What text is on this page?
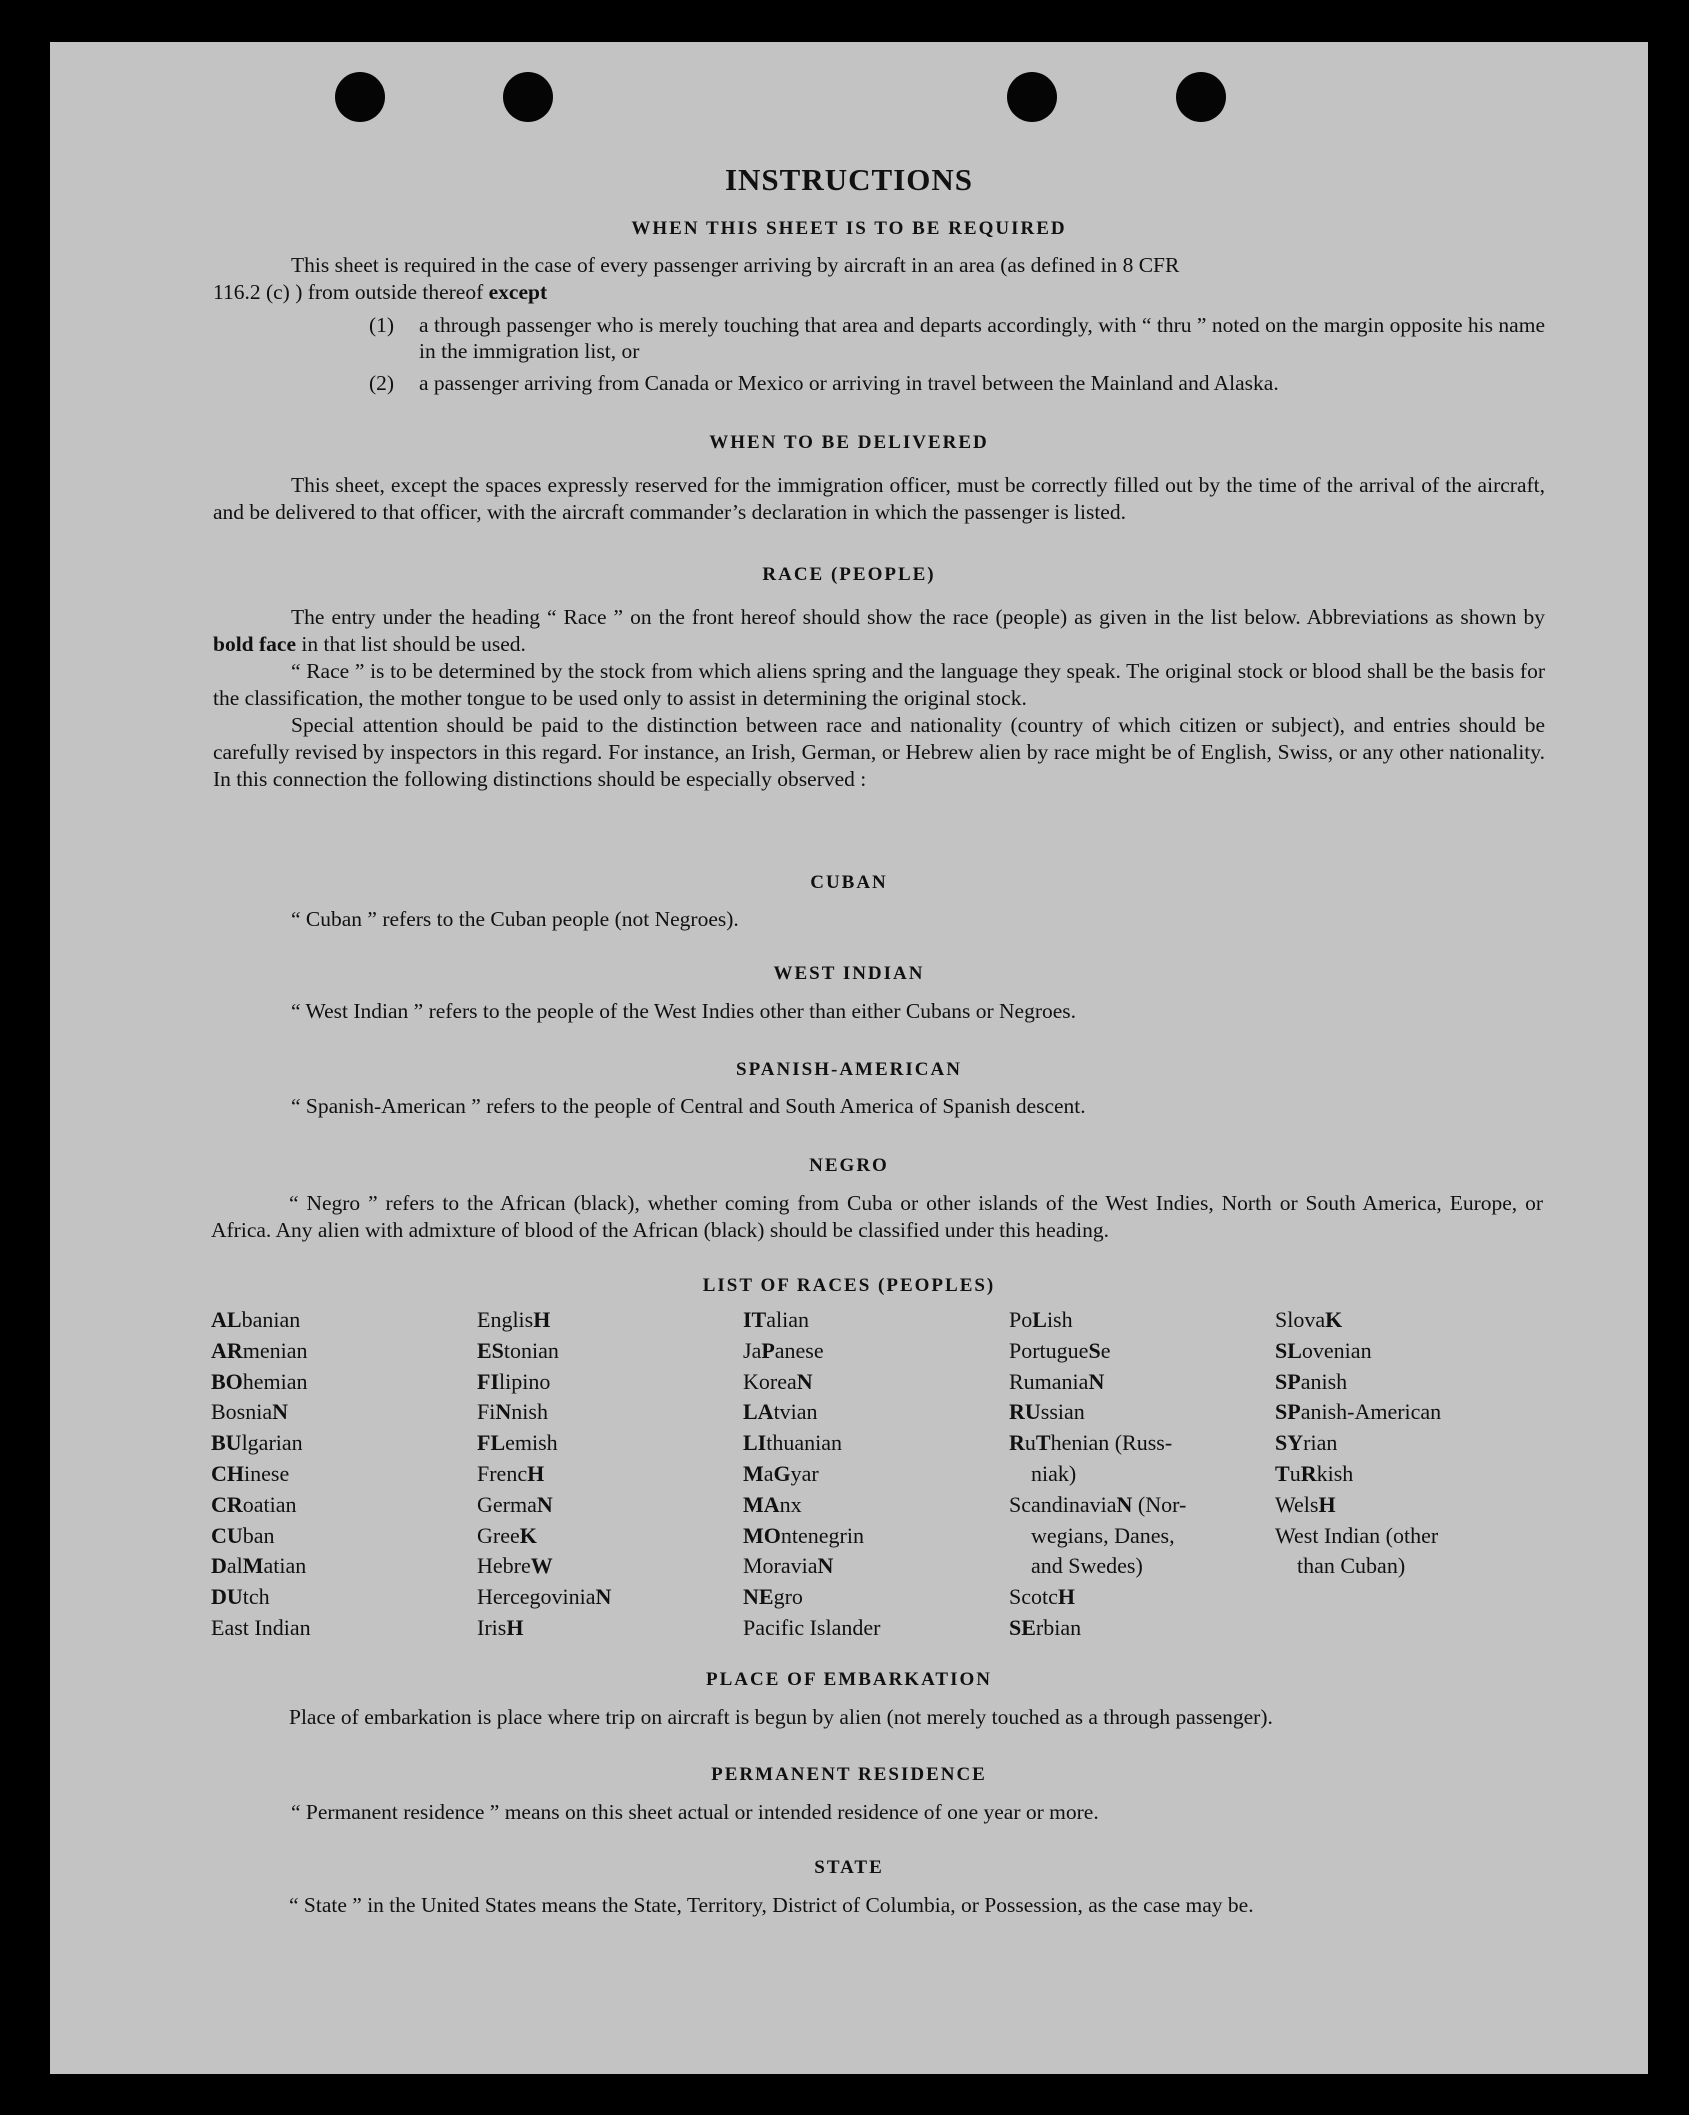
INSTRUCTIONS
WHEN THIS SHEET IS TO BE REQUIRED

This sheet is required in the case of every passenger arriving by aircraft in an area (as defined in 8 CFR

116.2 (c) ) from outside thereof except

(1) a through passenger who is merely touching that area and departs accordingly, with “ thru ” noted on the margin opposite his name in the immigration list, or
(2) a passenger arriving from Canada or Mexico or arriving in travel between the Mainland and Alaska.
WHEN TO BE DELIVERED

This sheet, except the spaces expressly reserved for the immigration officer, must be correctly filled out by the time of the arrival of the aircraft, and be delivered to that officer, with the aircraft commander’s declaration in which the passenger is listed.

RACE (PEOPLE)

The entry under the heading “ Race ” on the front hereof should show the race (people) as given in the list below. Abbreviations as shown by bold face in that list should be used.

“ Race ” is to be determined by the stock from which aliens spring and the language they speak. The original stock or blood shall be the basis for the classification, the mother tongue to be used only to assist in determining the original stock.

Special attention should be paid to the distinction between race and nationality (country of which citizen or subject), and entries should be carefully revised by inspectors in this regard. For instance, an Irish, German, or Hebrew alien by race might be of English, Swiss, or any other nationality. In this connection the following distinctions should be especially observed :

CUBAN

“ Cuban ” refers to the Cuban people (not Negroes).

WEST INDIAN

“ West Indian ” refers to the people of the West Indies other than either Cubans or Negroes.

SPANISH-AMERICAN

“ Spanish-American ” refers to the people of Central and South America of Spanish descent.

NEGRO

“ Negro ” refers to the African (black), whether coming from Cuba or other islands of the West Indies, North or South America, Europe, or Africa. Any alien with admixture of blood of the African (black) should be classified under this heading.

LIST OF RACES (PEOPLES)
ALbanian
ARmenian
BOhemian
BosniaN
BUlgarian
CHinese
CRoatian
CUban
DalMatian
DUtch
East Indian
EnglisH
EStonian
FIlipino
FiNnish
FLemish
FrencH
GermaN
GreeK
HebreW
HercegoviniaN
IrisH
ITalian
JaPanese
KoreaN
LAtvian
LIthuanian
MaGyar
MAnx
MOntenegrin
MoraviaN
NEgro
Pacific Islander
PoLish
PortugueSe
RumaniaN
RUssian
RuThenian (Russ-
niak)
ScandinaviaN (Nor-
wegians, Danes,
and Swedes)
ScotcH
SErbian
SlovaK
SLovenian
SPanish
SPanish-American
SYrian
TuRkish
WelsH
West Indian (other
than Cuban)
PLACE OF EMBARKATION

Place of embarkation is place where trip on aircraft is begun by alien (not merely touched as a through passenger).

PERMANENT RESIDENCE

“ Permanent residence ” means on this sheet actual or intended residence of one year or more.

STATE

“ State ” in the United States means the State, Territory, District of Columbia, or Possession, as the case may be.
